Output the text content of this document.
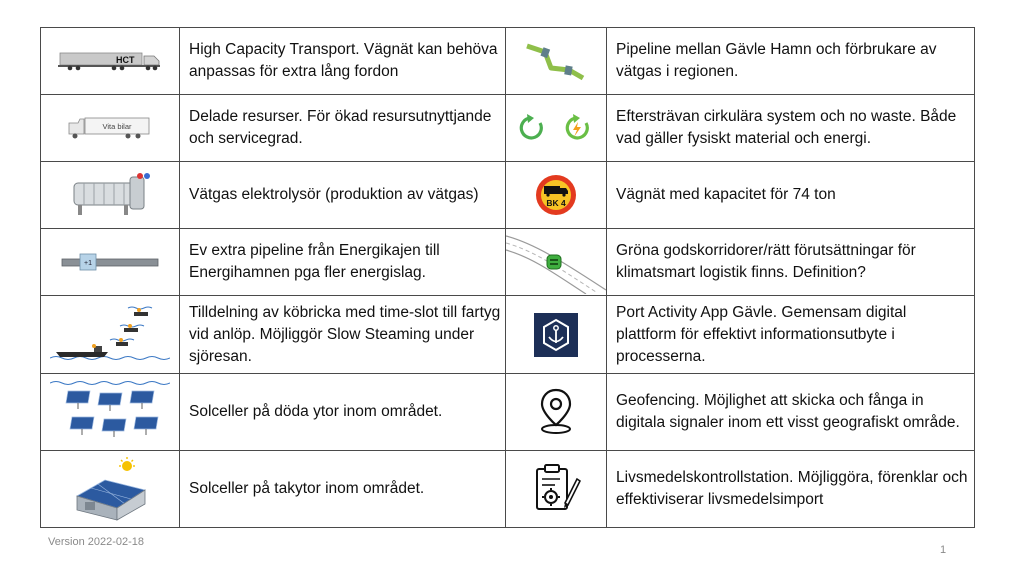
HCT	High Capacity Transport. Vägnät kan behöva anpassas för extra lång fordon		Pipeline mellan Gävle Hamn och förbrukare av vätgas i regionen.

Vita bilar	Delade resurser. För ökad resursutnyttjande och servicegrad.		Eftersträvan cirkulära system och no waste. Både vad gäller fysiskt material och energi.

	Vätgas elektrolysör (produktion av vätgas)	BK 4	Vägnät med kapacitet för 74 ton

+1	Ev extra pipeline från Energikajen till Energihamnen pga fler energislag.		Gröna godskorridorer/rätt förutsättningar för klimatsmart logistik finns. Definition?

	Tilldelning av köbricka med time-slot till fartyg vid anlöp. Möjliggör Slow Steaming under sjöresan.		Port Activity App Gävle. Gemensam digital plattform för effektivt informationsutbyte i processerna.

	Solceller på döda ytor inom området.		Geofencing. Möjlighet att skicka och fånga in digitala signaler inom ett visst geografiskt område.

	Solceller på takytor inom området.		Livsmedelskontrollstation. Möjliggöra, förenklar och effektiviserar livsmedelsimport
Version 2022-02-18
1
